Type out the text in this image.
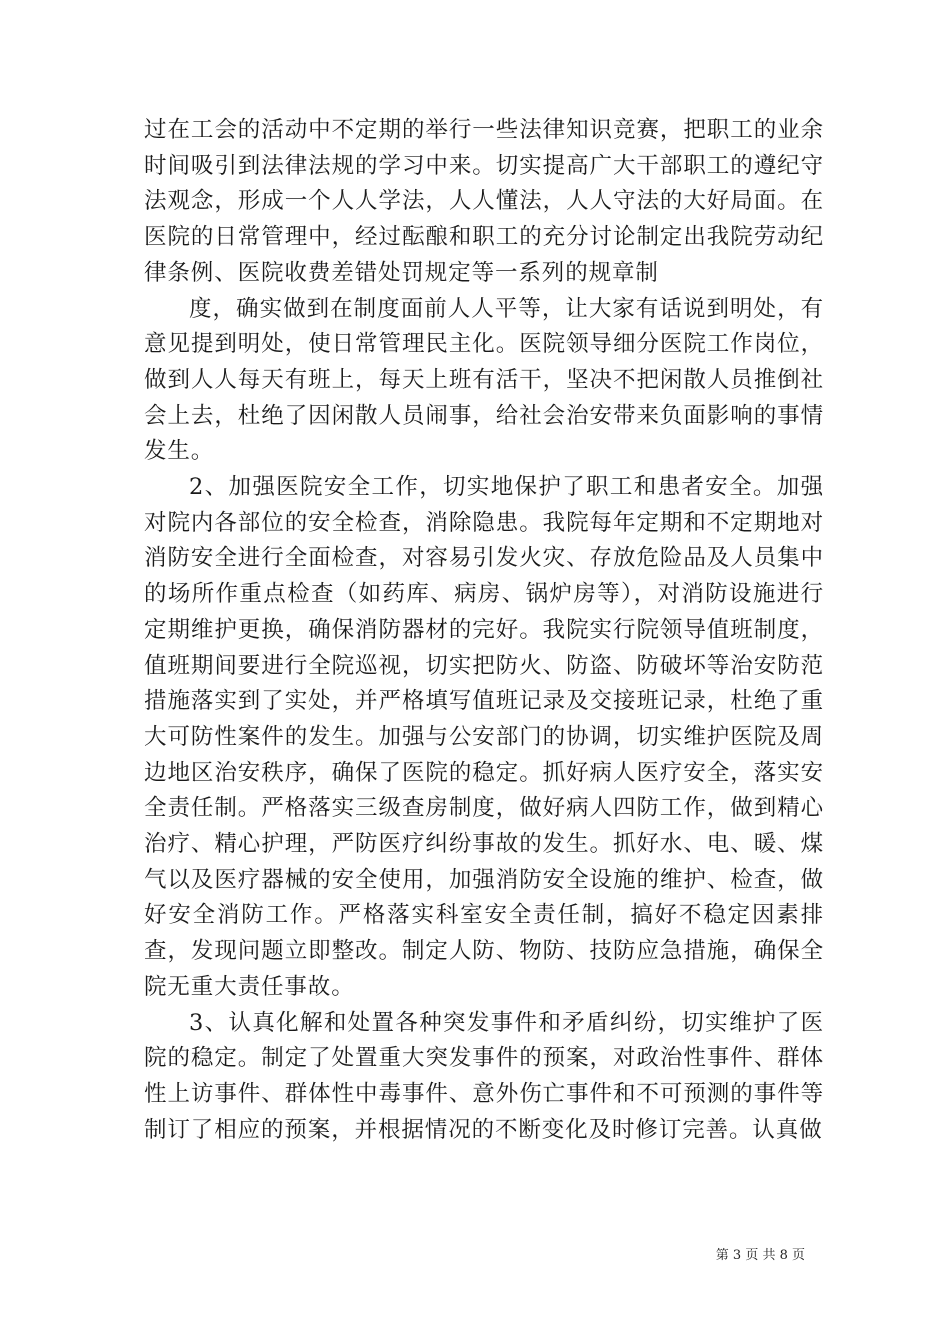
过在工会的活动中不定期的举行一些法律知识竞赛，把职工的业余时间吸引到法律法规的学习中来。切实提高广大干部职工的遵纪守法观念，形成一个人人学法，人人懂法，人人守法的大好局面。在医院的日常管理中，经过酝酿和职工的充分讨论制定出我院劳动纪律条例、医院收费差错处罚规定等一系列的规章制

度，确实做到在制度面前人人平等，让大家有话说到明处，有意见提到明处，使日常管理民主化。医院领导细分医院工作岗位，做到人人每天有班上，每天上班有活干，坚决不把闲散人员推倒社会上去，杜绝了因闲散人员闹事，给社会治安带来负面影响的事情发生。

2、加强医院安全工作，切实地保护了职工和患者安全。加强对院内各部位的安全检查，消除隐患。我院每年定期和不定期地对消防安全进行全面检查，对容易引发火灾、存放危险品及人员集中的场所作重点检查（如药库、病房、锅炉房等），对消防设施进行定期维护更换，确保消防器材的完好。我院实行院领导值班制度，值班期间要进行全院巡视，切实把防火、防盗、防破坏等治安防范措施落实到了实处，并严格填写值班记录及交接班记录，杜绝了重大可防性案件的发生。加强与公安部门的协调，切实维护医院及周边地区治安秩序，确保了医院的稳定。抓好病人医疗安全，落实安全责任制。严格落实三级查房制度，做好病人四防工作，做到精心治疗、精心护理，严防医疗纠纷事故的发生。抓好水、电、暖、煤气以及医疗器械的安全使用，加强消防安全设施的维护、检查，做好安全消防工作。严格落实科室安全责任制，搞好不稳定因素排查，发现问题立即整改。制定人防、物防、技防应急措施，确保全院无重大责任事故。

3、认真化解和处置各种突发事件和矛盾纠纷，切实维护了医院的稳定。制定了处置重大突发事件的预案，对政治性事件、群体性上访事件、群体性中毒事件、意外伤亡事件和不可预测的事件等制订了相应的预案，并根据情况的不断变化及时修订完善。认真做

第 3 页 共 8 页
